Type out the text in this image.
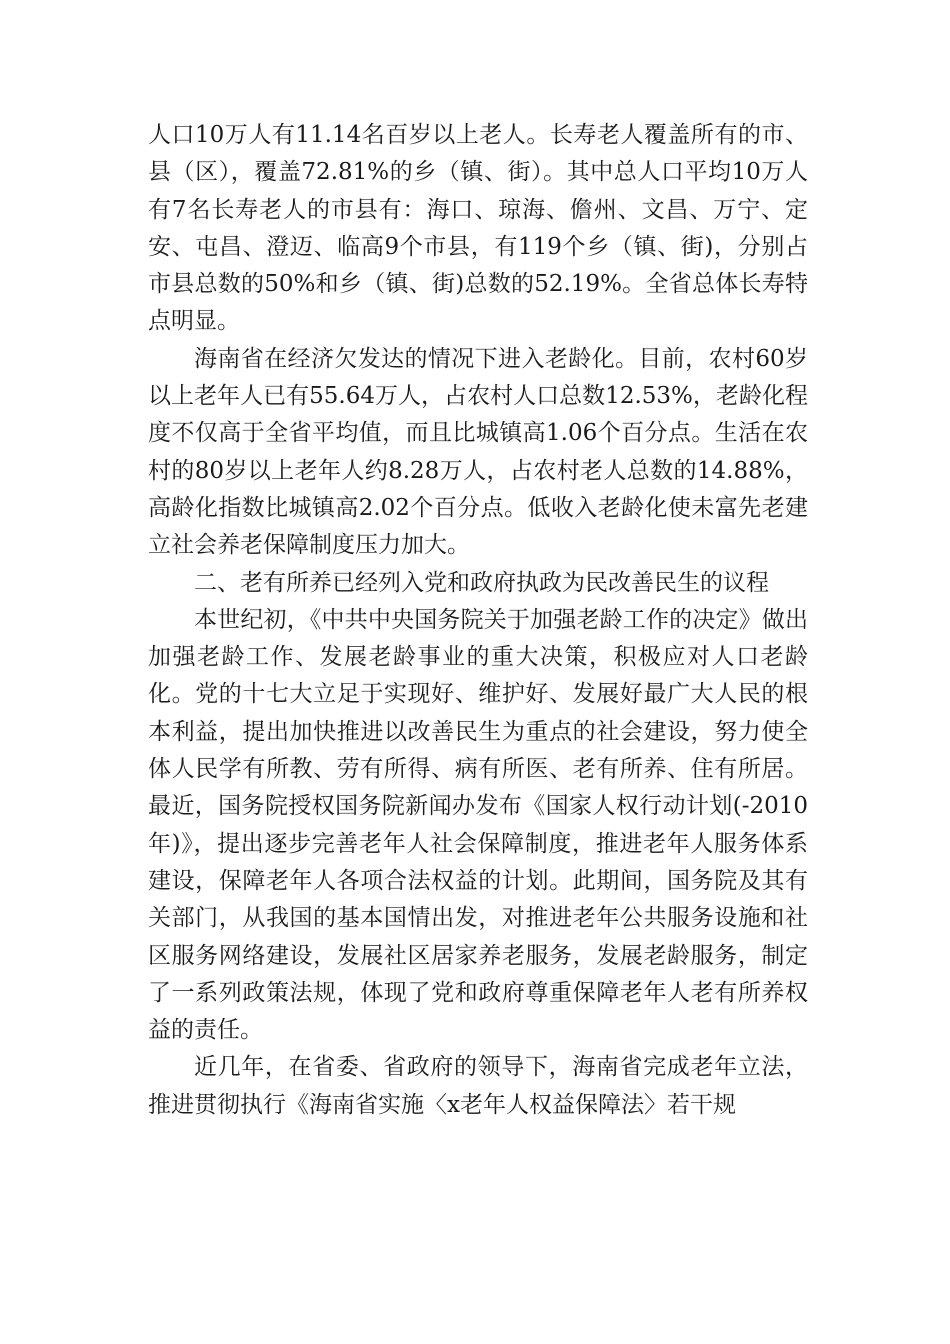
人口10万人有11.14名百岁以上老人。长寿老人覆盖所有的市、县（区），覆盖72.81%的乡（镇、街）。其中总人口平均10万人有7名长寿老人的市县有：海口、琼海、儋州、文昌、万宁、定安、屯昌、澄迈、临高9个市县，有119个乡（镇、街)，分别占市县总数的50%和乡（镇、街)总数的52.19%。全省总体长寿特点明显。

海南省在经济欠发达的情况下进入老龄化。目前，农村60岁以上老年人已有55.64万人，占农村人口总数12.53%，老龄化程度不仅高于全省平均值，而且比城镇高1.06个百分点。生活在农村的80岁以上老年人约8.28万人，占农村老人总数的14.88%，高龄化指数比城镇高2.02个百分点。低收入老龄化使未富先老建立社会养老保障制度压力加大。

二、老有所养已经列入党和政府执政为民改善民生的议程

本世纪初，《中共中央国务院关于加强老龄工作的决定》做出加强老龄工作、发展老龄事业的重大决策，积极应对人口老龄化。党的十七大立足于实现好、维护好、发展好最广大人民的根本利益，提出加快推进以改善民生为重点的社会建设，努力使全体人民学有所教、劳有所得、病有所医、老有所养、住有所居。最近，国务院授权国务院新闻办发布《国家人权行动计划(-2010年)》，提出逐步完善老年人社会保障制度，推进老年人服务体系建设，保障老年人各项合法权益的计划。此期间，国务院及其有关部门，从我国的基本国情出发，对推进老年公共服务设施和社区服务网络建设，发展社区居家养老服务，发展老龄服务，制定了一系列政策法规，体现了党和政府尊重保障老年人老有所养权益的责任。

近几年，在省委、省政府的领导下，海南省完成老年立法，推进贯彻执行《海南省实施〈x老年人权益保障法〉若干规
